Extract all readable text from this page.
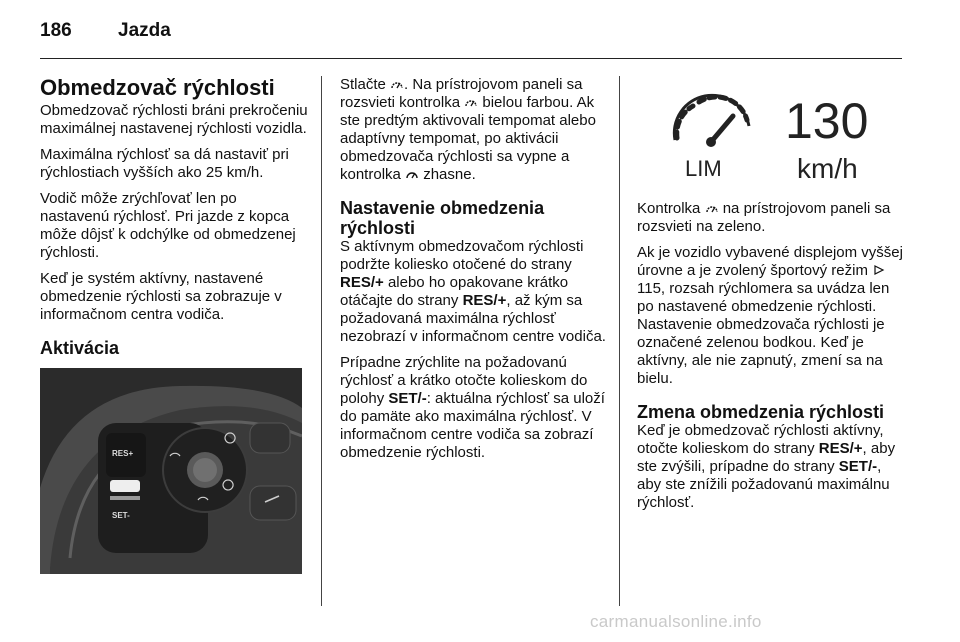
186 Jazda
Obmedzovač rýchlosti

Obmedzovač rýchlosti bráni prekročeniu maximálnej nastavenej rýchlosti vozidla.

Maximálna rýchlosť sa dá nastaviť pri rýchlostiach vyšších ako 25 km/h.

Vodič môže zrýchľovať len po nastavenú rýchlosť. Pri jazde z kopca môže dôjsť k odchýlke od obmedzenej rýchlosti.

Keď je systém aktívny, nastavené obmedzenie rýchlosti sa zobrazuje v informačnom centra vodiča.

Aktivácia
RES+
SET-

Stlačte . Na prístrojovom paneli sa rozsvieti kontrolka  bielou farbou. Ak ste predtým aktivovali tempomat alebo adaptívny tempomat, po aktivácii obmedzovača rýchlosti sa vypne a kontrolka  zhasne.

Nastavenie obmedzenia rýchlosti

S aktívnym obmedzovačom rýchlosti podržte koliesko otočené do strany RES/+ alebo ho opakovane krátko otáčajte do strany RES/+, až kým sa požadovaná maximálna rýchlosť nezobrazí v informačnom centre vodiča.

Prípadne zrýchlite na požadovanú rýchlosť a krátko otočte kolieskom do polohy SET/-: aktuálna rýchlosť sa uloží do pamäte ako maximálna rýchlosť. V informačnom centre vodiča sa zobrazí obmedzenie rýchlosti.

LIM
130
km/h

Kontrolka  na prístrojovom paneli sa rozsvieti na zeleno.

Ak je vozidlo vybavené displejom vyššej úrovne a je zvolený športový režim 115, rozsah rýchlomera sa uvádza len po nastavené obmedzenie rýchlosti. Nastavenie obmedzovača rýchlosti je označené zelenou bodkou. Keď je aktívny, ale nie zapnutý, zmení sa na bielu.

Zmena obmedzenia rýchlosti

Keď je obmedzovač rýchlosti aktívny, otočte kolieskom do strany RES/+, aby ste zvýšili, prípadne do strany SET/-, aby ste znížili požadovanú maximálnu rýchlosť.

carmanualsonline.info
